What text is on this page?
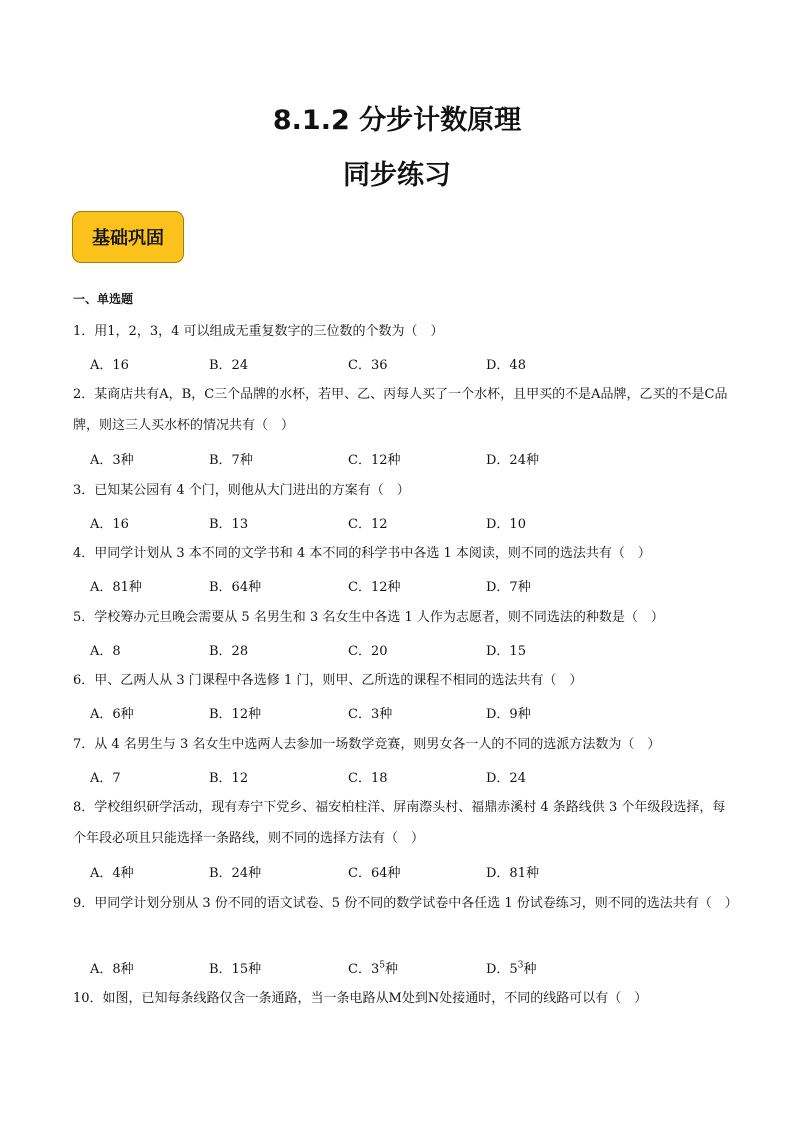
8.1.2 分步计数原理
同步练习
基础巩固
一、单选题
1．用1，2，3，4 可以组成无重复数字的三位数的个数为（　）
A．16	B．24	C．36	D．48
2．某商店共有A，B，C三个品牌的水杯，若甲、乙、丙每人买了一个水杯，且甲买的不是A品牌，乙买的不是C品牌，则这三人买水杯的情况共有（　）
A．3种	B．7种	C．12种	D．24种
3．已知某公园有 4 个门，则他从大门进出的方案有（　）
A．16	B．13	C．12	D．10
4．甲同学计划从 3 本不同的文学书和 4 本不同的科学书中各选 1 本阅读，则不同的选法共有（　）
A．81种	B．64种	C．12种	D．7种
5．学校筹办元旦晚会需要从 5 名男生和 3 名女生中各选 1 人作为志愿者，则不同选法的种数是（　）
A．8	B．28	C．20	D．15
6．甲、乙两人从 3 门课程中各选修 1 门，则甲、乙所选的课程不相同的选法共有（　）
A．6种	B．12种	C．3种	D．9种
7．从 4 名男生与 3 名女生中选两人去参加一场数学竞赛，则男女各一人的不同的选派方法数为（　）
A．7	B．12	C．18	D．24
8．学校组织研学活动，现有寿宁下党乡、福安柏柱洋、屏南漈头村、福鼎赤溪村 4 条路线供 3 个年级段选择，每个年段必项且只能选择一条路线，则不同的选择方法有（　）
A．4种	B．24种	C．64种	D．81种
9．甲同学计划分别从 3 份不同的语文试卷、5 份不同的数学试卷中各任选 1 份试卷练习，则不同的选法共有（　）
A．8种	B．15种	C．$3^5$种	D．$5^3$种
10．如图，已知每条线路仅含一条通路，当一条电路从M处到N处接通时，不同的线路可以有（　）
